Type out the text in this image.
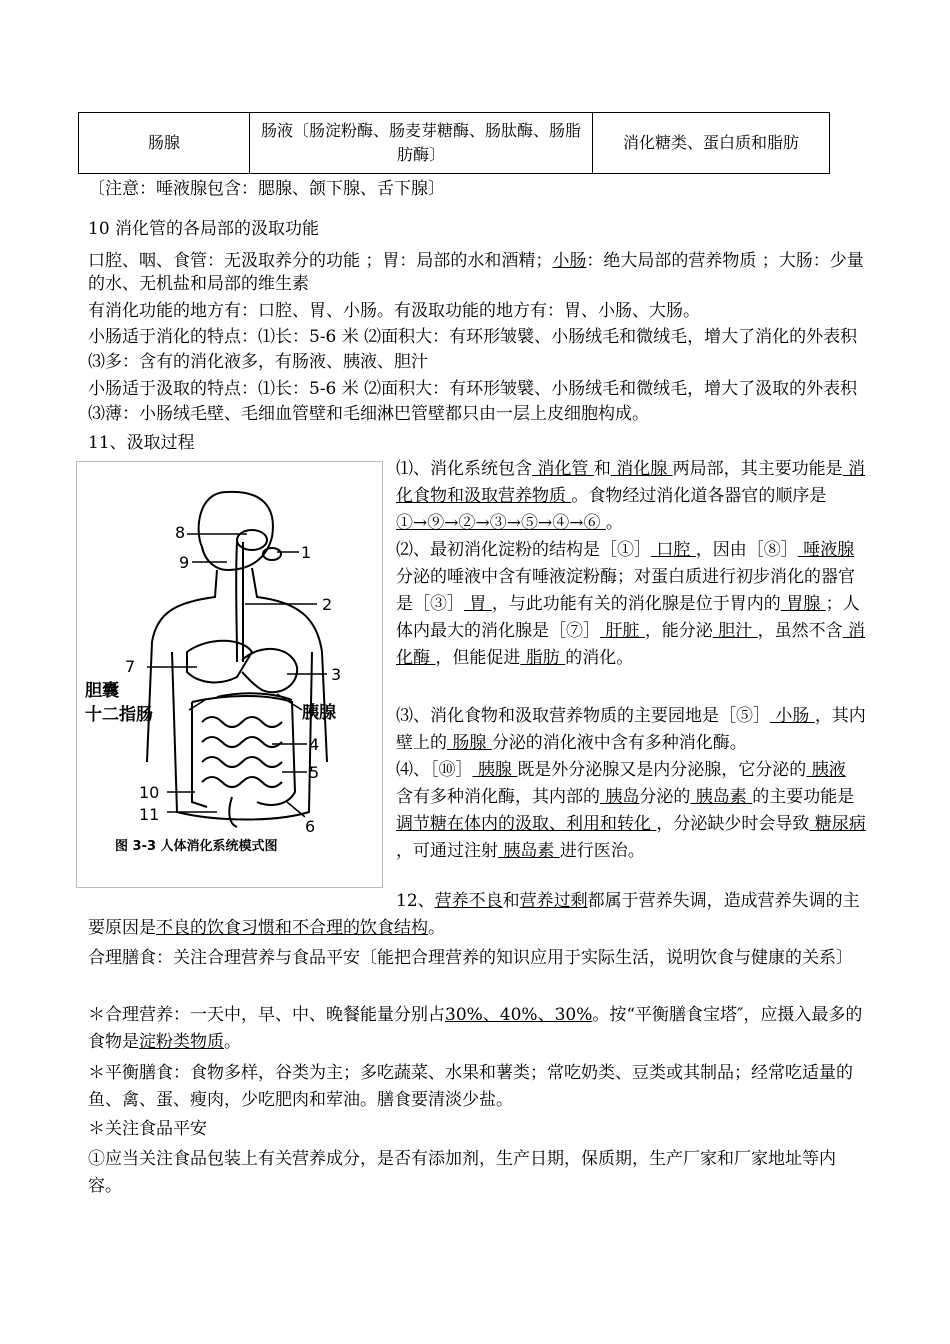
肠腺	肠液〔肠淀粉酶、肠麦芽糖酶、肠肽酶、肠脂肪酶〕	消化糖类、蛋白质和脂肪
〔注意：唾液腺包含：腮腺、颌下腺、舌下腺〕
10 消化管的各局部的汲取功能
口腔、咽、食管：无汲取养分的功能 ；胃：局部的水和酒精；小肠：绝大局部的营养物质 ；大肠：少量的水、无机盐和局部的维生素
有消化功能的地方有：口腔、胃、小肠。有汲取功能的地方有：胃、小肠、大肠。
小肠适于消化的特点：⑴长：5-6 米 ⑵面积大：有环形皱襞、小肠绒毛和微绒毛，增大了消化的外表积⑶多：含有的消化液多，有肠液、胰液、胆汁
小肠适于汲取的特点：⑴长：5-6 米 ⑵面积大：有环形皱襞、小肠绒毛和微绒毛，增大了汲取的外表积 ⑶薄：小肠绒毛壁、毛细血管壁和毛细淋巴管壁都只由一层上皮细胞构成。
11、汲取过程
8
9
1
2
3
7
4
5
6
10
11
胆囊
十二指肠	胰腺
图 3-3 人体消化系统模式图
⑴、消化系统包含 消化管 和 消化腺 两局部，其主要功能是 消化食物和汲取营养物质 。食物经过消化道各器官的顺序是 ①→⑨→②→③→⑤→④→⑥ 。
⑵、最初消化淀粉的结构是［①］ 口腔 ，因由［⑧］ 唾液腺 分泌的唾液中含有唾液淀粉酶；对蛋白质进行初步消化的器官是［③］ 胃 ，与此功能有关的消化腺是位于胃内的 胃腺 ；人体内最大的消化腺是［⑦］ 肝脏 ，能分泌 胆汁 ，虽然不含 消化酶 ，但能促进 脂肪 的消化。
⑶、消化食物和汲取营养物质的主要园地是［⑤］ 小肠 ，其内壁上的 肠腺 分泌的消化液中含有多种消化酶。
⑷、［⑩］ 胰腺 既是外分泌腺又是内分泌腺，它分泌的 胰液 含有多种消化酶，其内部的 胰岛分泌的 胰岛素 的主要功能是 调节糖在体内的汲取、利用和转化 ，分泌缺少时会导致 糖尿病 ，可通过注射 胰岛素 进行医治。
12、营养不良和营养过剩都属于营养失调，造成营养失调的主要原因是不良的饮食习惯和不合理的饮食结构。
合理膳食：关注合理营养与食品平安〔能把合理营养的知识应用于实际生活，说明饮食与健康的关系〕
＊合理营养：一天中，早、中、晚餐能量分别占30%、40%、30%。按“平衡膳食宝塔″，应摄入最多的食物是淀粉类物质。
＊平衡膳食：食物多样，谷类为主；多吃蔬菜、水果和薯类；常吃奶类、豆类或其制品；经常吃适量的鱼、禽、蛋、瘦肉，少吃肥肉和荤油。膳食要清淡少盐。
＊关注食品平安
①应当关注食品包装上有关营养成分，是否有添加剂，生产日期，保质期，生产厂家和厂家地址等内容。
